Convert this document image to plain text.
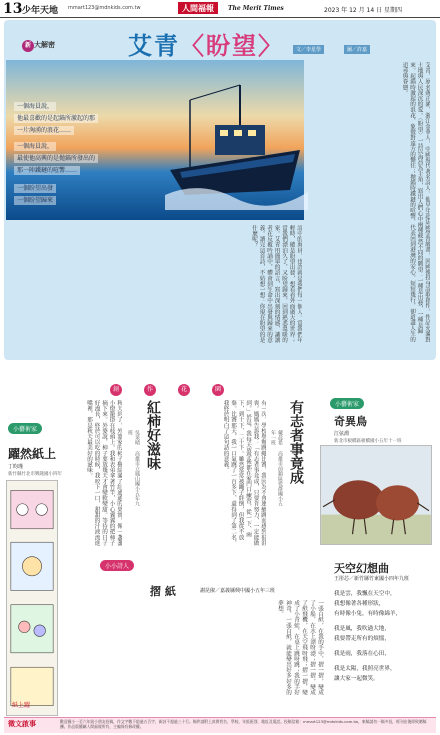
13 少年天地 mmart123@mdnkids.com.tw	人間福報	The Merit Times	2023 年 12 月 14 日 星期四
新 大解密	艾青〈盼望〉	文／李星學	圖／許嘉
一個海員說，
他最喜歡的是起錨所激起的那
一片洶湧的浪花……
一個海員說，
最使他高興的是拋錨所發出的
那一陣鐵鏈的喧響……
一個盼望出發
一個盼望歸來	艾青，原名蔣正涵，浙江金華人，中國現代著名詩人。他早年赴法國學習繪畫，回國後投身詩歌創作，作品充滿對土地與人民深沉的愛。〈盼望〉一詩以海員為主角，寫出人們心中兩種截然不同的願望：一種是出發，一種是歸來。起錨時激起的浪花，象徵對遠方的嚮往；拋錨時鐵鏈的喧響，代表回到港灣的安心。短短幾行，卻道盡人生的追尋與眷戀。
詩中的海員，也許就是我們每一個人。當我們年輕時，總是盼望出發，想看看外面廣大的世界；當我們漂泊久了，又盼望歸來，回到熟悉溫暖的家。艾青用簡單的語言，寫出深刻的情感，讓讀者在反覆吟誦中，體會到生命中出發與歸來的意義。讀完這首詩，不妨想一想：你現在盼望的是什麼呢？
創	作	花	園
紅柿好滋味
吳采晴 高雄市立鳳山國小五年九班
秋天到了，外婆家的柿子樹結滿了紅通通的果實，像一盞盞小燈籠掛在枝頭上。我和表弟拿著竹竿，小心翼翼的把柿子摘下來。外婆說，柿子要放幾天才會變軟變甜。等待的日子好漫長，終於可以吃的時候，我咬下一口，甜甜的汁液流進嘴裡，那是秋天最美好的滋味。	有志者事竟成
戴晨希 高雄市前鎮區愛群國小五年一班
有一次，學校舉辦跳繩比賽，我因為不會連續跳而感到很沮喪。媽媽告訴我：「有志者事竟成，只要肯努力，一定能做到。」於是，我每天放學後都在家門口練習，從一下、兩下，到十下、二十下。雖然常常被繩子絆倒，但我從不放棄。比賽那天，我一口氣跳了一百多下，還得到了第二名，我終於明白了這句話的意義。
小藝術家
躍然紙上
丁昀瑾
新竹縣竹北市興隆國小四年
紙上躍
小藝術家
奇異鳥
江弦淵
新北市板橋區板橋國小五年十一班
天空幻想曲
王彤芯／新竹縣竹東國小四年九班
我是雲，我飄在天空中，
我想像著各種形狀，
有時像小兔，有時像綿羊，
我是風，我吹過大地，
我要帶走所有的煩惱，
我是雨，我落在心田，
我是太陽，我照亮世界，
讓大家一起微笑。
小小詩人
摺 紙	謝昆俶／嘉義縣興中國小五年三班
一張白紙，在我的手中，摺一摺，變成了小船，在水上漂呀漂；摺一摺，變成了紙飛機，在天空飛呀飛；摺一摺，變成了小青蛙，在桌上跳呀跳；我的手好神奇，一張白紙，就能變出好多好多的夢想。
徵文啟事	歡迎國小一至六年級小朋友投稿，作文字數不超過五百字，新詩不超過三十行。稿件請附上真實姓名、學校、年級班別、地址及電話。投稿信箱：mmart123@mdnkids.com.tw，來稿請勿一稿多投，經刊出後即致贈稿酬。作品版權屬人間福報所有，主編保有修改權。
